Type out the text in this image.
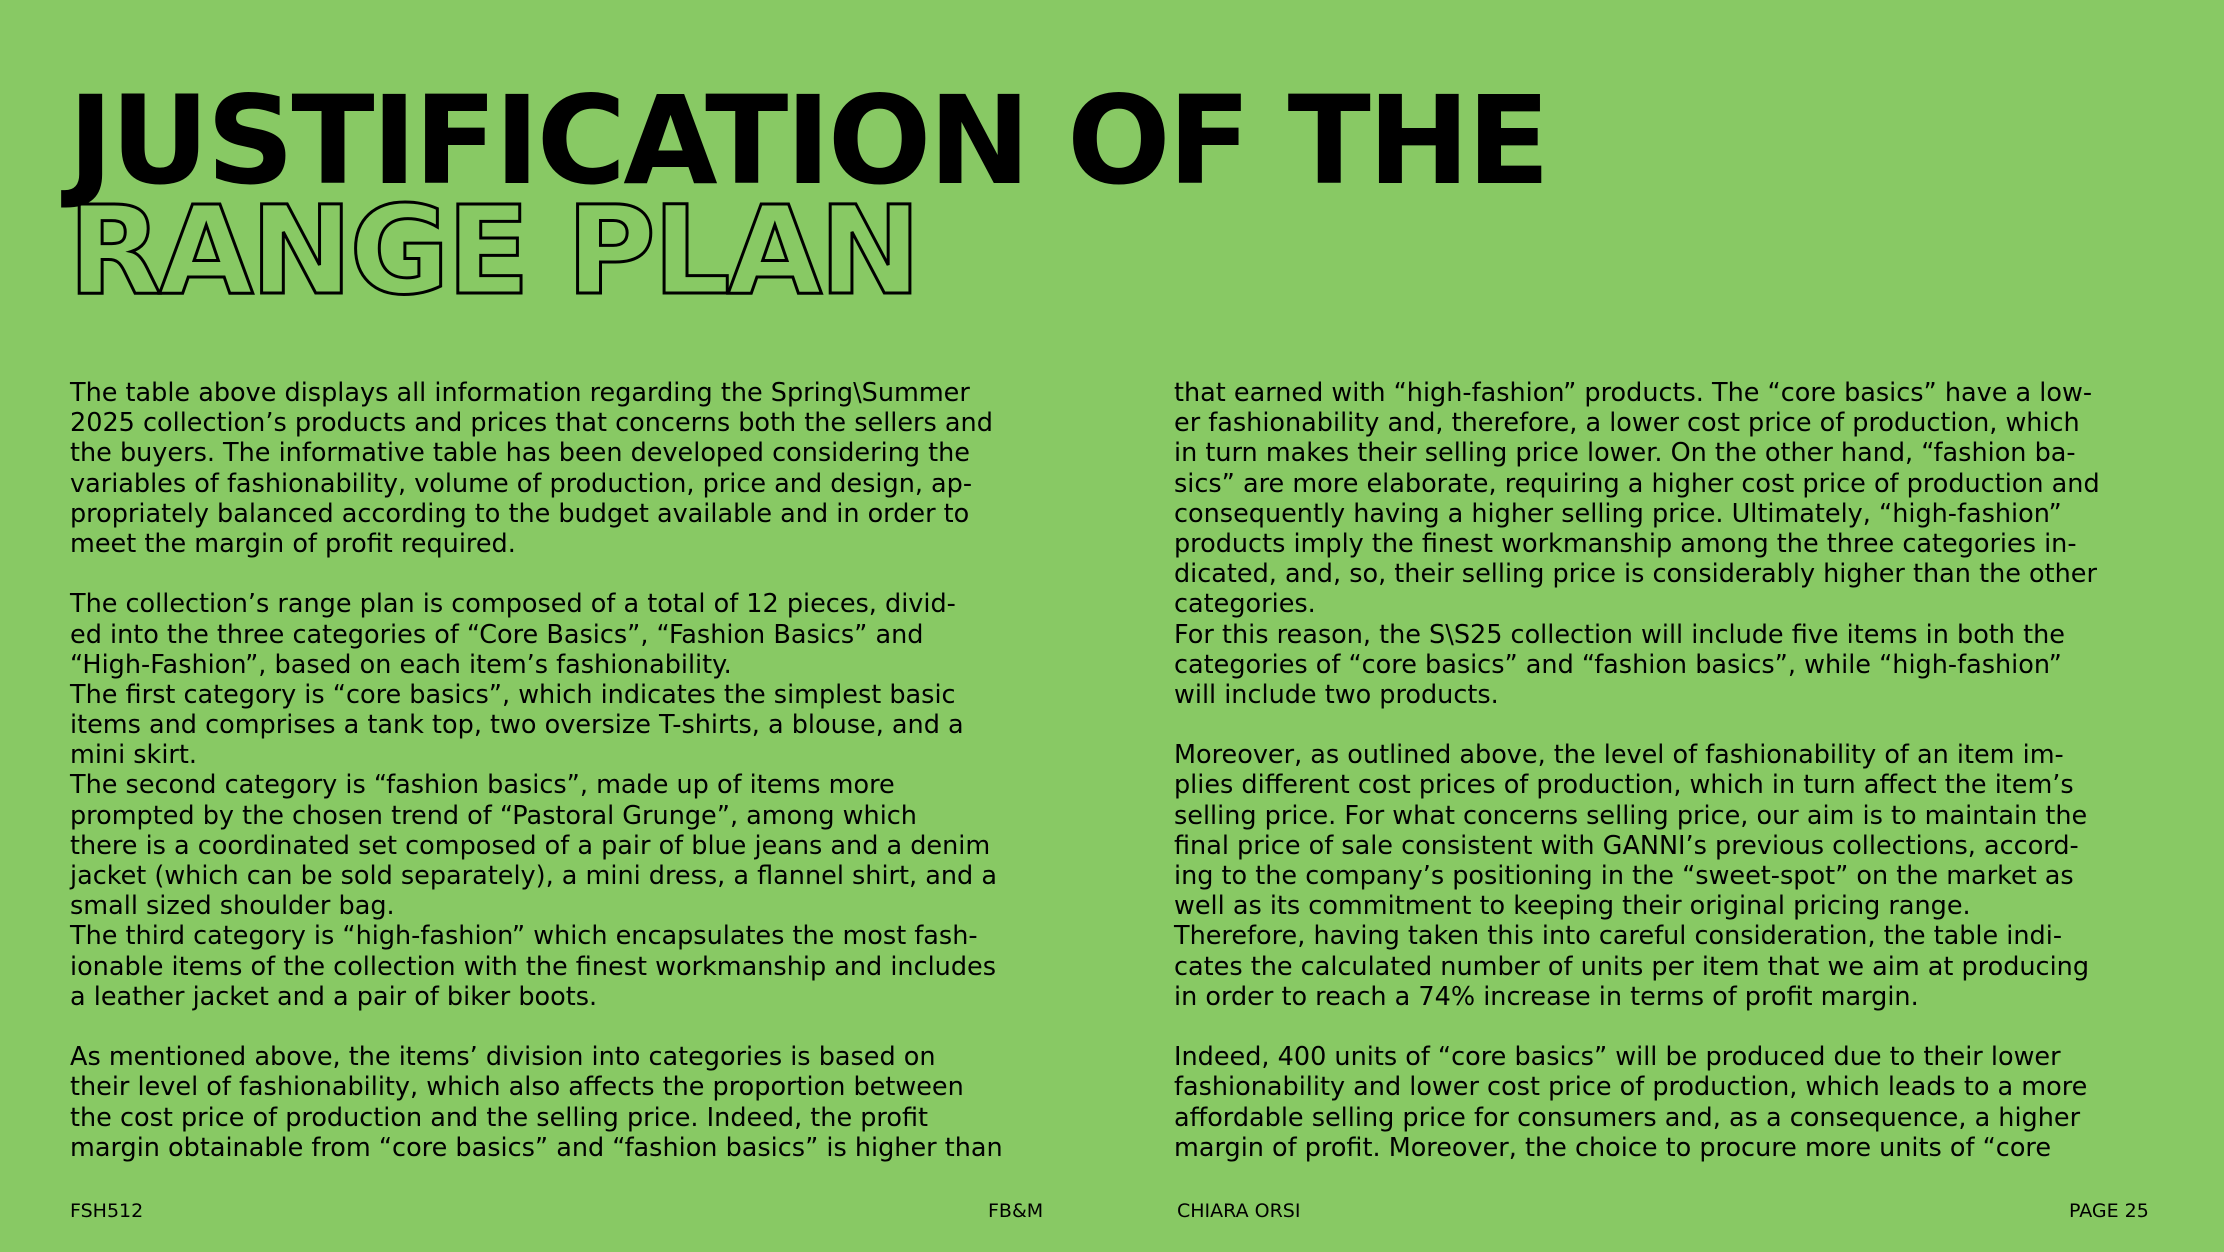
JUSTIFICATION OF THE
RANGE PLAN
The table above displays all information regarding the Spring\Summer
2025 collection’s products and prices that concerns both the sellers and
the buyers. The informative table has been developed considering the
variables of fashionability, volume of production, price and design, ap-
propriately balanced according to the budget available and in order to
meet the margin of profit required.
The collection’s range plan is composed of a total of 12 pieces, divid-
ed into the three categories of “Core Basics”, “Fashion Basics” and
“High-Fashion”, based on each item’s fashionability.
The first category is “core basics”, which indicates the simplest basic
items and comprises a tank top, two oversize T-shirts, a blouse, and a
mini skirt.
The second category is “fashion basics”, made up of items more
prompted by the chosen trend of “Pastoral Grunge”, among which
there is a coordinated set composed of a pair of blue jeans and a denim
jacket (which can be sold separately), a mini dress, a flannel shirt, and a
small sized shoulder bag.
The third category is “high-fashion” which encapsulates the most fash-
ionable items of the collection with the finest workmanship and includes
a leather jacket and a pair of biker boots.
As mentioned above, the items’ division into categories is based on
their level of fashionability, which also affects the proportion between
the cost price of production and the selling price. Indeed, the profit
margin obtainable from “core basics” and “fashion basics” is higher than
that earned with “high-fashion” products. The “core basics” have a low-
er fashionability and, therefore, a lower cost price of production, which
in turn makes their selling price lower. On the other hand, “fashion ba-
sics” are more elaborate, requiring a higher cost price of production and
consequently having a higher selling price. Ultimately, “high-fashion”
products imply the finest workmanship among the three categories in-
dicated, and, so, their selling price is considerably higher than the other
categories.
For this reason, the S\S25 collection will include five items in both the
categories of “core basics” and “fashion basics”, while “high-fashion”
will include two products.
Moreover, as outlined above, the level of fashionability of an item im-
plies different cost prices of production, which in turn affect the item’s
selling price. For what concerns selling price, our aim is to maintain the
final price of sale consistent with GANNI’s previous collections, accord-
ing to the company’s positioning in the “sweet-spot” on the market as
well as its commitment to keeping their original pricing range.
Therefore, having taken this into careful consideration, the table indi-
cates the calculated number of units per item that we aim at producing
in order to reach a 74% increase in terms of profit margin.
Indeed, 400 units of “core basics” will be produced due to their lower
fashionability and lower cost price of production, which leads to a more
affordable selling price for consumers and, as a consequence, a higher
margin of profit. Moreover, the choice to procure more units of “core
FSH512	FB&M	CHIARA ORSI	PAGE 25
